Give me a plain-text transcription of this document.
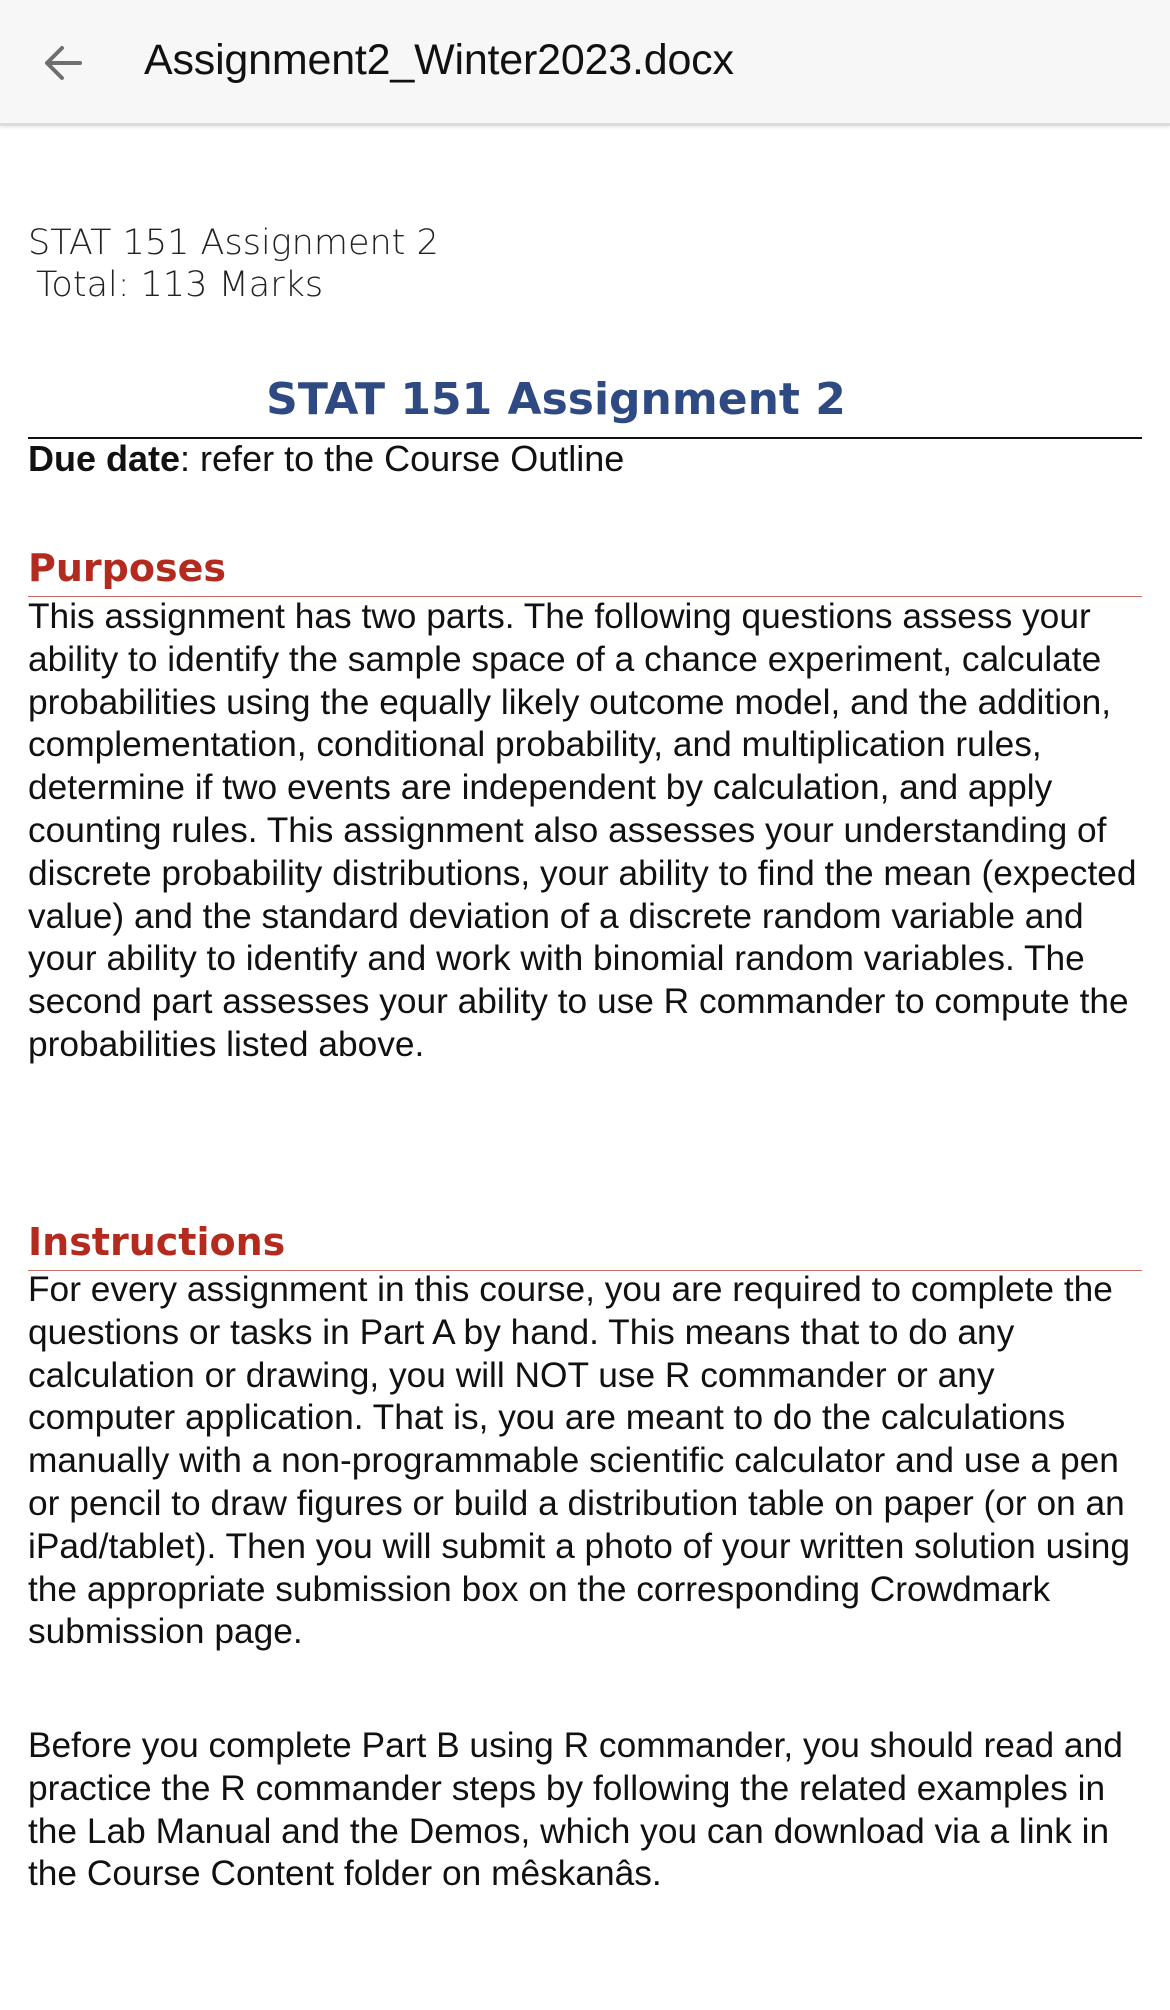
Assignment2_Winter2023.docx
STAT 151 Assignment 2
Total: 113 Marks
STAT 151 Assignment 2
Due date: refer to the Course Outline
Purposes

This assignment has two parts. The following questions assess your ability to identify the sample space of a chance experiment, calculate probabilities using the equally likely outcome model, and the addition, complementation, conditional probability, and multiplication rules, determine if two events are independent by calculation, and apply counting rules. This assignment also assesses your understanding of discrete probability distributions, your ability to find the mean (expected value) and the standard deviation of a discrete random variable and your ability to identify and work with binomial random variables. The second part assesses your ability to use R commander to compute the probabilities listed above.

Instructions

For every assignment in this course, you are required to complete the questions or tasks in Part A by hand. This means that to do any calculation or drawing, you will NOT use R commander or any computer application. That is, you are meant to do the calculations manually with a non-programmable scientific calculator and use a pen or pencil to draw figures or build a distribution table on paper (or on an iPad/tablet). Then you will submit a photo of your written solution using the appropriate submission box on the corresponding Crowdmark submission page.

Before you complete Part B using R commander, you should read and practice the R commander steps by following the related examples in the Lab Manual and the Demos, which you can download via a link in the Course Content folder on mêskanâs.
